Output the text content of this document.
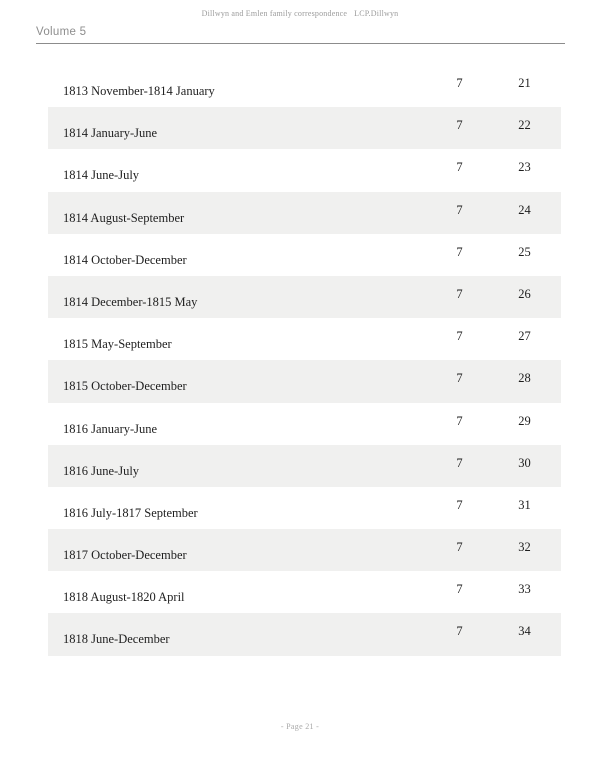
Dillwyn and Emlen family correspondence LCP.Dillwyn
Volume 5
1813 November-1814 January
7	21
1814 January-June
7	22
1814 June-July
7	23
1814 August-September
7	24
1814 October-December
7	25
1814 December-1815 May
7	26
1815 May-September
7	27
1815 October-December
7	28
1816 January-June
7	29
1816 June-July
7	30
1816 July-1817 September
7	31
1817 October-December
7	32
1818 August-1820 April
7	33
1818 June-December
7	34
- Page 21 -
